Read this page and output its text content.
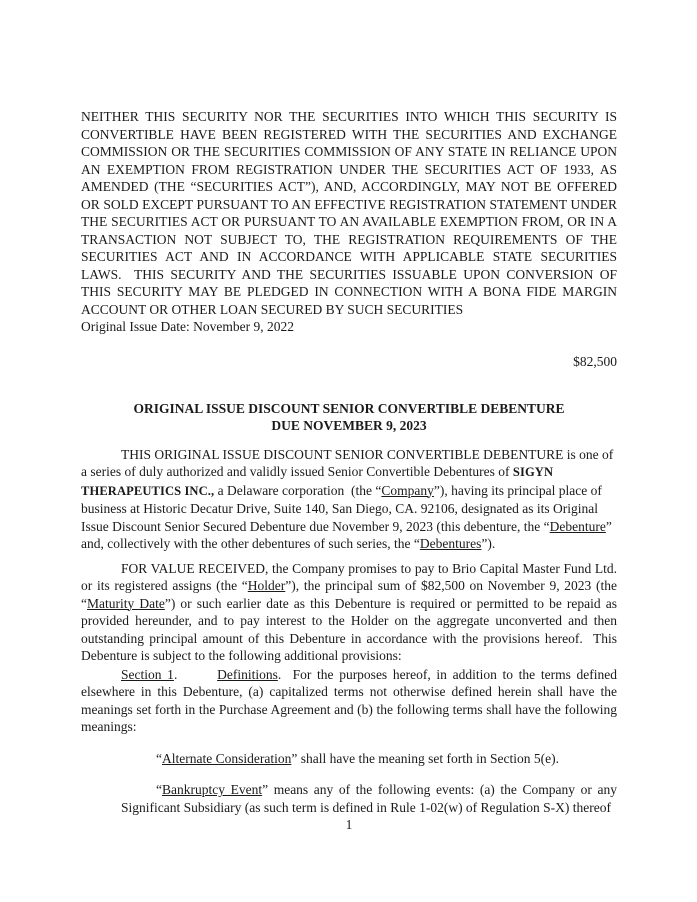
NEITHER THIS SECURITY NOR THE SECURITIES INTO WHICH THIS SECURITY IS CONVERTIBLE HAVE BEEN REGISTERED WITH THE SECURITIES AND EXCHANGE COMMISSION OR THE SECURITIES COMMISSION OF ANY STATE IN RELIANCE UPON AN EXEMPTION FROM REGISTRATION UNDER THE SECURITIES ACT OF 1933, AS AMENDED (THE “SECURITIES ACT”), AND, ACCORDINGLY, MAY NOT BE OFFERED OR SOLD EXCEPT PURSUANT TO AN EFFECTIVE REGISTRATION STATEMENT UNDER THE SECURITIES ACT OR PURSUANT TO AN AVAILABLE EXEMPTION FROM, OR IN A TRANSACTION NOT SUBJECT TO, THE REGISTRATION REQUIREMENTS OF THE SECURITIES ACT AND IN ACCORDANCE WITH APPLICABLE STATE SECURITIES LAWS.  THIS SECURITY AND THE SECURITIES ISSUABLE UPON CONVERSION OF THIS SECURITY MAY BE PLEDGED IN CONNECTION WITH A BONA FIDE MARGIN ACCOUNT OR OTHER LOAN SECURED BY SUCH SECURITIES

Original Issue Date: November 9, 2022

$82,500

ORIGINAL ISSUE DISCOUNT SENIOR CONVERTIBLE DEBENTURE
DUE NOVEMBER 9, 2023

THIS ORIGINAL ISSUE DISCOUNT SENIOR CONVERTIBLE DEBENTURE is one of a series of duly authorized and validly issued Senior Convertible Debentures of SIGYN THERAPEUTICS INC., a Delaware corporation  (the “Company”), having its principal place of business at Historic Decatur Drive, Suite 140, San Diego, CA. 92106, designated as its Original Issue Discount Senior Secured Debenture due November 9, 2023 (this debenture, the “Debenture” and, collectively with the other debentures of such series, the “Debentures”).

FOR VALUE RECEIVED, the Company promises to pay to Brio Capital Master Fund Ltd. or its registered assigns (the “Holder”), the principal sum of $82,500 on November 9, 2023 (the “Maturity Date”) or such earlier date as this Debenture is required or permitted to be repaid as provided hereunder, and to pay interest to the Holder on the aggregate unconverted and then outstanding principal amount of this Debenture in accordance with the provisions hereof.  This Debenture is subject to the following additional provisions:

Section 1.       Definitions.  For the purposes hereof, in addition to the terms defined elsewhere in this Debenture, (a) capitalized terms not otherwise defined herein shall have the meanings set forth in the Purchase Agreement and (b) the following terms shall have the following meanings:

“Alternate Consideration” shall have the meaning set forth in Section 5(e).

“Bankruptcy Event” means any of the following events: (a) the Company or any Significant Subsidiary (as such term is defined in Rule 1-02(w) of Regulation S-X) thereof

1
